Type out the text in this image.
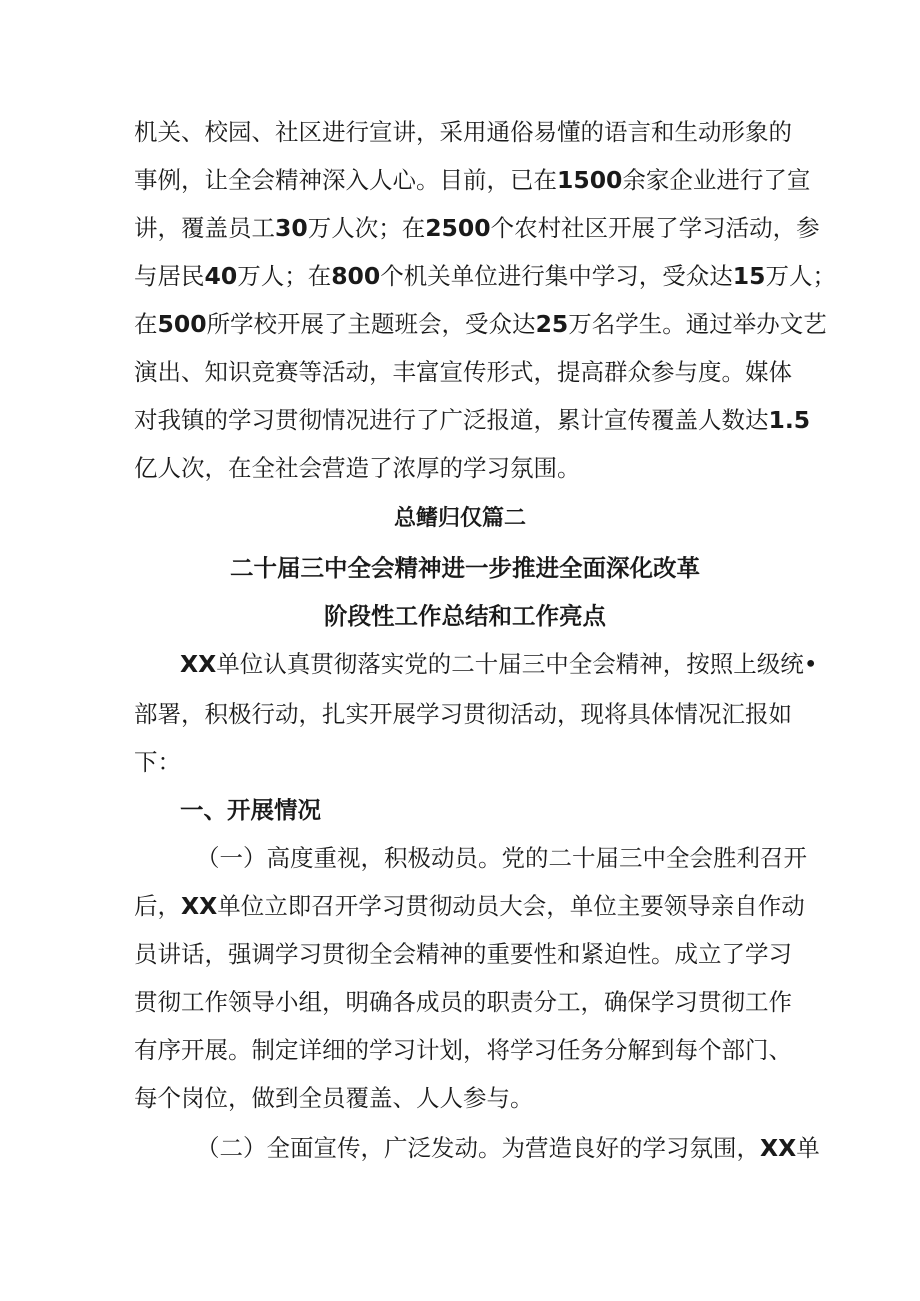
机关、校园、社区进行宣讲，采用通俗易懂的语言和生动形象的
事例，让全会精神深入人心。目前，已在1500余家企业进行了宣
讲，覆盖员工30万人次；在2500个农村社区开展了学习活动，参
与居民40万人；在800个机关单位进行集中学习，受众达15万人；
在500所学校开展了主题班会，受众达25万名学生。通过举办文艺
演出、知识竞赛等活动，丰富宣传形式，提高群众参与度。媒体
对我镇的学习贯彻情况进行了广泛报道，累计宣传覆盖人数达1.5
亿人次，在全社会营造了浓厚的学习氛围。
总鳍归仅篇二
二十届三中全会精神进一步推进全面深化改革
阶段性工作总结和工作亮点
XX单位认真贯彻落实党的二十届三中全会精神，按照上级统•
部署，积极行动，扎实开展学习贯彻活动，现将具体情况汇报如
下：
一、开展情况
（一）高度重视，积极动员。党的二十届三中全会胜利召开
后，XX单位立即召开学习贯彻动员大会，单位主要领导亲自作动
员讲话，强调学习贯彻全会精神的重要性和紧迫性。成立了学习
贯彻工作领导小组，明确各成员的职责分工，确保学习贯彻工作
有序开展。制定详细的学习计划，将学习任务分解到每个部门、
每个岗位，做到全员覆盖、人人参与。
（二）全面宣传，广泛发动。为营造良好的学习氛围，XX单
